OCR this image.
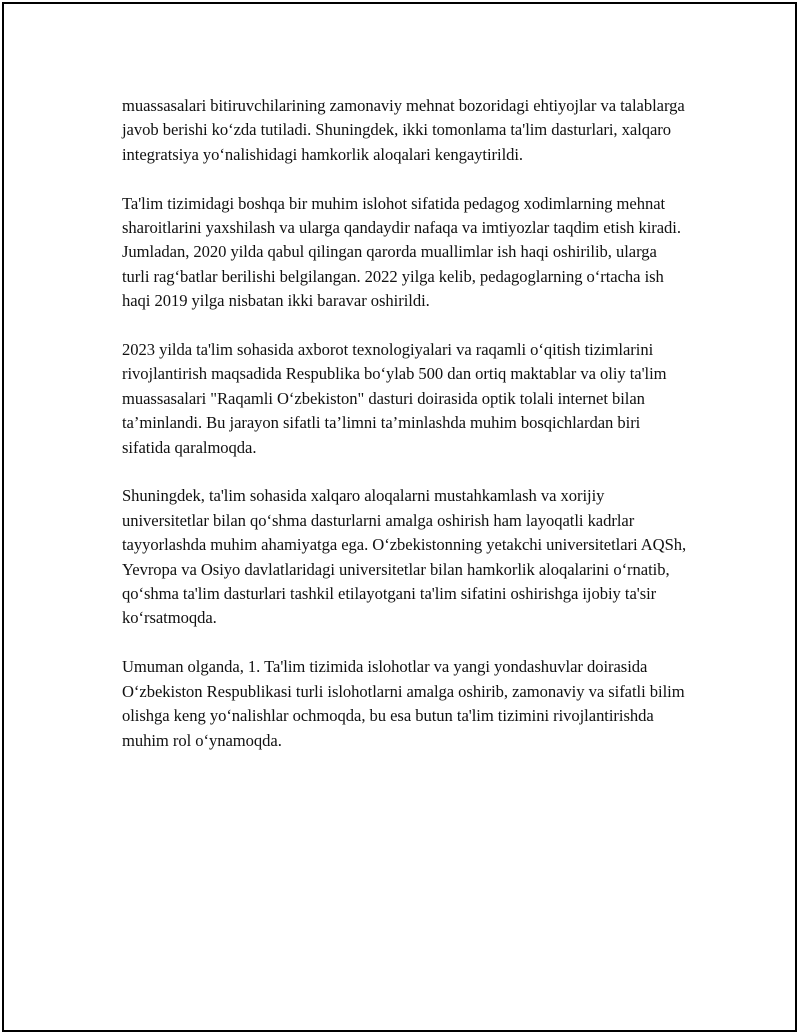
muassasalari bitiruvchilarining zamonaviy mehnat bozoridagi ehtiyojlar va talablarga javob berishi ko‘zda tutiladi. Shuningdek, ikki tomonlama ta'lim dasturlari, xalqaro integratsiya yo‘nalishidagi hamkorlik aloqalari kengaytirildi.

Ta'lim tizimidagi boshqa bir muhim islohot sifatida pedagog xodimlarning mehnat sharoitlarini yaxshilash va ularga qandaydir nafaqa va imtiyozlar taqdim etish kiradi. Jumladan, 2020 yilda qabul qilingan qarorda muallimlar ish haqi oshirilib, ularga turli rag‘batlar berilishi belgilangan. 2022 yilga kelib, pedagoglarning o‘rtacha ish haqi 2019 yilga nisbatan ikki baravar oshirildi.

2023 yilda ta'lim sohasida axborot texnologiyalari va raqamli o‘qitish tizimlarini rivojlantirish maqsadida Respublika bo‘ylab 500 dan ortiq maktablar va oliy ta'lim muassasalari "Raqamli O‘zbekiston" dasturi doirasida optik tolali internet bilan ta’minlandi. Bu jarayon sifatli ta’limni ta’minlashda muhim bosqichlardan biri sifatida qaralmoqda.

Shuningdek, ta'lim sohasida xalqaro aloqalarni mustahkamlash va xorijiy universitetlar bilan qo‘shma dasturlarni amalga oshirish ham layoqatli kadrlar tayyorlashda muhim ahamiyatga ega. O‘zbekistonning yetakchi universitetlari AQSh, Yevropa va Osiyo davlatlaridagi universitetlar bilan hamkorlik aloqalarini o‘rnatib, qo‘shma ta'lim dasturlari tashkil etilayotgani ta'lim sifatini oshirishga ijobiy ta'sir ko‘rsatmoqda.

Umuman olganda, 1. Ta'lim tizimida islohotlar va yangi yondashuvlar doirasida O‘zbekiston Respublikasi turli islohotlarni amalga oshirib, zamonaviy va sifatli bilim olishga keng yo‘nalishlar ochmoqda, bu esa butun ta'lim tizimini rivojlantirishda muhim rol o‘ynamoqda.
